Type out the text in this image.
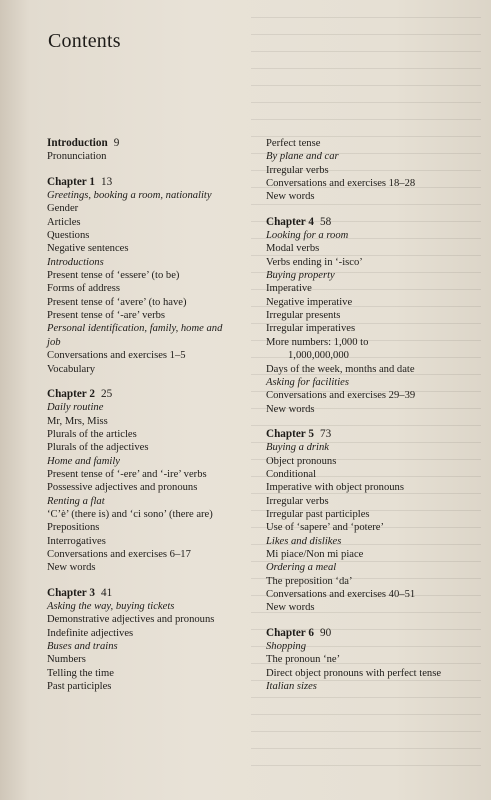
Contents
Introduction 9
Pronunciation
Chapter 1 13
Greetings, booking a room, nationality
Gender
Articles
Questions
Negative sentences
Introductions
Present tense of ‘essere’ (to be)
Forms of address
Present tense of ‘avere’ (to have)
Present tense of ‘-are’ verbs
Personal identification, family, home and
job
Conversations and exercises 1–5
Vocabulary
Chapter 2 25
Daily routine
Mr, Mrs, Miss
Plurals of the articles
Plurals of the adjectives
Home and family
Present tense of ‘-ere’ and ‘-ire’ verbs
Possessive adjectives and pronouns
Renting a flat
‘C’è’ (there is) and ‘ci sono’ (there are)
Prepositions
Interrogatives
Conversations and exercises 6–17
New words
Chapter 3 41
Asking the way, buying tickets
Demonstrative adjectives and pronouns
Indefinite adjectives
Buses and trains
Numbers
Telling the time
Past participles
Perfect tense
By plane and car
Irregular verbs
Conversations and exercises 18–28
New words
Chapter 4 58
Looking for a room
Modal verbs
Verbs ending in ‘-isco’
Buying property
Imperative
Negative imperative
Irregular presents
Irregular imperatives
More numbers: 1,000 to
1,000,000,000
Days of the week, months and date
Asking for facilities
Conversations and exercises 29–39
New words
Chapter 5 73
Buying a drink
Object pronouns
Conditional
Imperative with object pronouns
Irregular verbs
Irregular past participles
Use of ‘sapere’ and ‘potere’
Likes and dislikes
Mi piace/Non mi piace
Ordering a meal
The preposition ‘da’
Conversations and exercises 40–51
New words
Chapter 6 90
Shopping
The pronoun ‘ne’
Direct object pronouns with perfect tense
Italian sizes
